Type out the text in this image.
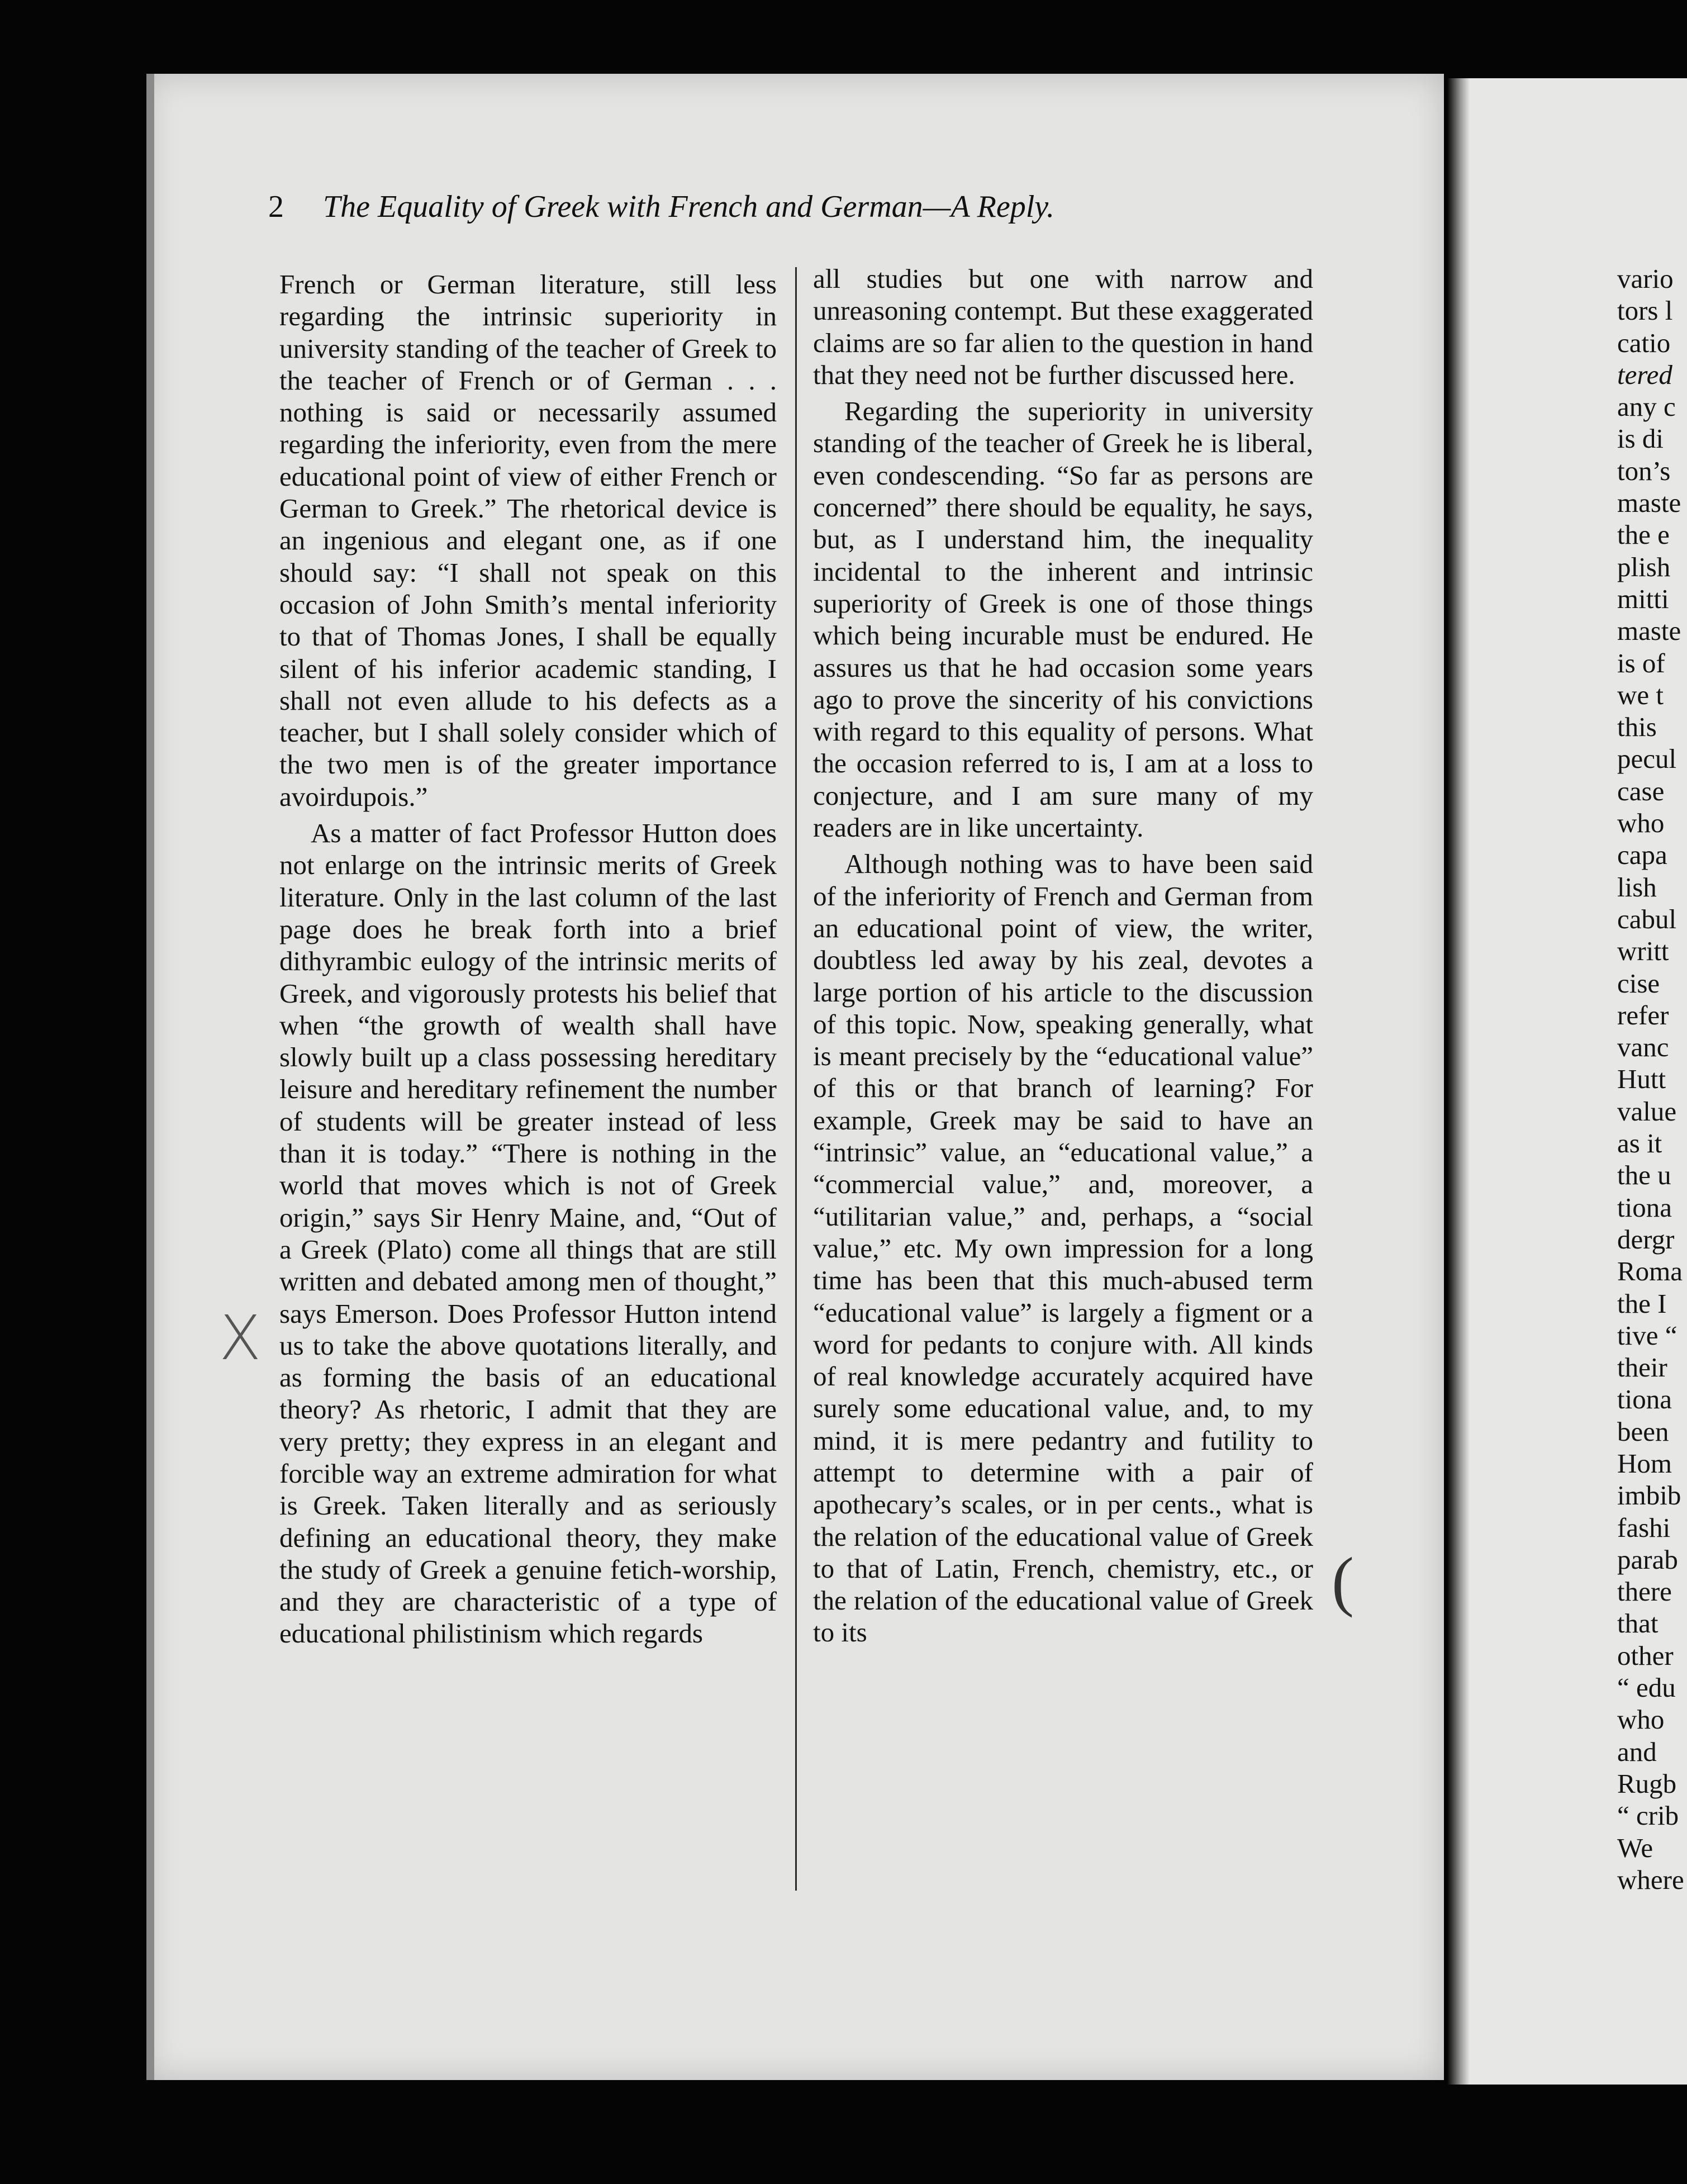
2 The Equality of Greek with French and German—A Reply.

French or German literature, still less regarding the intrinsic superiority in university standing of the teacher of Greek to the teacher of French or of German . . . nothing is said or necessarily assumed regarding the inferiority, even from the mere educational point of view of either French or German to Greek.” The rhetorical device is an ingenious and elegant one, as if one should say: “I shall not speak on this occasion of John Smith’s mental inferiority to that of Thomas Jones, I shall be equally silent of his inferior academic standing, I shall not even allude to his defects as a teacher, but I shall solely consider which of the two men is of the greater importance avoirdupois.”

As a matter of fact Professor Hutton does not enlarge on the intrinsic merits of Greek literature. Only in the last column of the last page does he break forth into a brief dithyrambic eulogy of the intrinsic merits of Greek, and vigorously protests his belief that when “the growth of wealth shall have slowly built up a class possessing hereditary leisure and hereditary refinement the number of students will be greater instead of less than it is today.” “There is nothing in the world that moves which is not of Greek origin,” says Sir Henry Maine, and, “Out of a Greek (Plato) come all things that are still written and debated among men of thought,” says Emerson. Does Professor Hutton intend us to take the above quotations literally, and as forming the basis of an educational theory? As rhetoric, I admit that they are very pretty; they express in an elegant and forcible way an extreme admiration for what is Greek. Taken literally and as seriously defining an educational theory, they make the study of Greek a genuine fetich-worship, and they are characteristic of a type of educational philistinism which regards

all studies but one with narrow and unreasoning contempt. But these exaggerated claims are so far alien to the question in hand that they need not be further discussed here.

Regarding the superiority in university standing of the teacher of Greek he is liberal, even condescending. “So far as persons are concerned” there should be equality, he says, but, as I understand him, the inequality incidental to the inherent and intrinsic superiority of Greek is one of those things which being incurable must be endured. He assures us that he had occasion some years ago to prove the sincerity of his convictions with regard to this equality of persons. What the occasion referred to is, I am at a loss to conjecture, and I am sure many of my readers are in like uncertainty.

Although nothing was to have been said of the inferiority of French and German from an educational point of view, the writer, doubtless led away by his zeal, devotes a large portion of his article to the discussion of this topic. Now, speaking generally, what is meant precisely by the “educational value” of this or that branch of learning? For example, Greek may be said to have an “intrinsic” value, an “educational value,” a “commercial value,” and, moreover, a “utilitarian value,” and, perhaps, a “social value,” etc. My own impression for a long time has been that this much-abused term “educational value” is largely a figment or a word for pedants to conjure with. All kinds of real knowledge accurately acquired have surely some educational value, and, to my mind, it is mere pedantry and futility to attempt to determine with a pair of apothecary’s scales, or in per cents., what is the relation of the educational value of Greek to that of Latin, French, chemistry, etc., or the relation of the educational value of Greek to its

X
(
vario
tors l
catio
tered
any c
is di
ton’s
maste
the e
plish
mitti
maste
is of
we t
this
pecul
case
who
capa
lish
cabul
writt
cise
refer
vanc
Hutt
value
as it
the u
tiona
dergr
Roma
the I
tive “
their
tiona
been
Hom
imbib
fashi
parab
there
that
other
“ edu
who
and
Rugb
“ crib
We
where
